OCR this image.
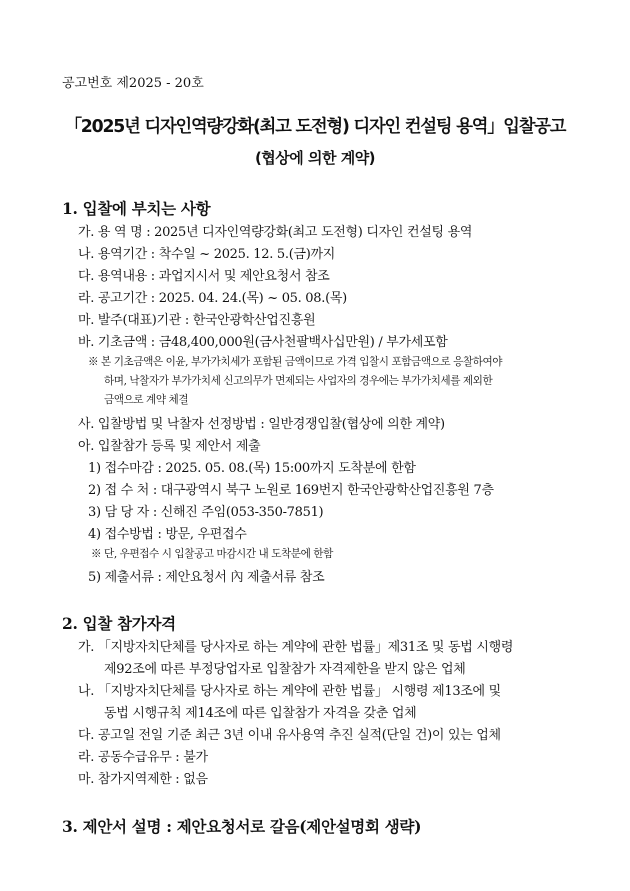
공고번호 제2025 - 20호
「2025년 디자인역량강화(최고 도전형) 디자인 컨설팅 용역」입찰공고
(협상에 의한 계약)
1. 입찰에 부치는 사항
가. 용 역 명 : 2025년 디자인역량강화(최고 도전형) 디자인 컨설팅 용역
나. 용역기간 : 착수일 ~ 2025. 12. 5.(금)까지
다. 용역내용 : 과업지시서 및 제안요청서 참조
라. 공고기간 : 2025. 04. 24.(목) ~ 05. 08.(목)
마. 발주(대표)기관 : 한국안광학산업진흥원
바. 기초금액 : 금48,400,000원(금사천팔백사십만원) / 부가세포함
※ 본 기초금액은 이윤, 부가가치세가 포함된 금액이므로 가격 입찰시 포함금액으로 응찰하여야
하며, 낙찰자가 부가가치세 신고의무가 면제되는 사업자의 경우에는 부가가치세를 제외한
금액으로 계약 체결
사. 입찰방법 및 낙찰자 선정방법 : 일반경쟁입찰(협상에 의한 계약)
아. 입찰참가 등록 및 제안서 제출
1) 접수마감 : 2025. 05. 08.(목) 15:00까지 도착분에 한함
2) 접 수 처 : 대구광역시 북구 노원로 169번지 한국안광학산업진흥원 7층
3) 담 당 자 : 신해진 주임(053-350-7851)
4) 접수방법 : 방문, 우편접수
※ 단, 우편접수 시 입찰공고 마감시간 내 도착분에 한함
5) 제출서류 : 제안요청서 內 제출서류 참조
2. 입찰 참가자격
가. 「지방자치단체를 당사자로 하는 계약에 관한 법률」제31조 및 동법 시행령
제92조에 따른 부정당업자로 입찰참가 자격제한을 받지 않은 업체
나. 「지방자치단체를 당사자로 하는 계약에 관한 법률」 시행령 제13조에 및
동법 시행규칙 제14조에 따른 입찰참가 자격을 갖춘 업체
다. 공고일 전일 기준 최근 3년 이내 유사용역 추진 실적(단일 건)이 있는 업체
라. 공동수급유무 : 불가
마. 참가지역제한 : 없음
3. 제안서 설명 : 제안요청서로 갈음(제안설명회 생략)
